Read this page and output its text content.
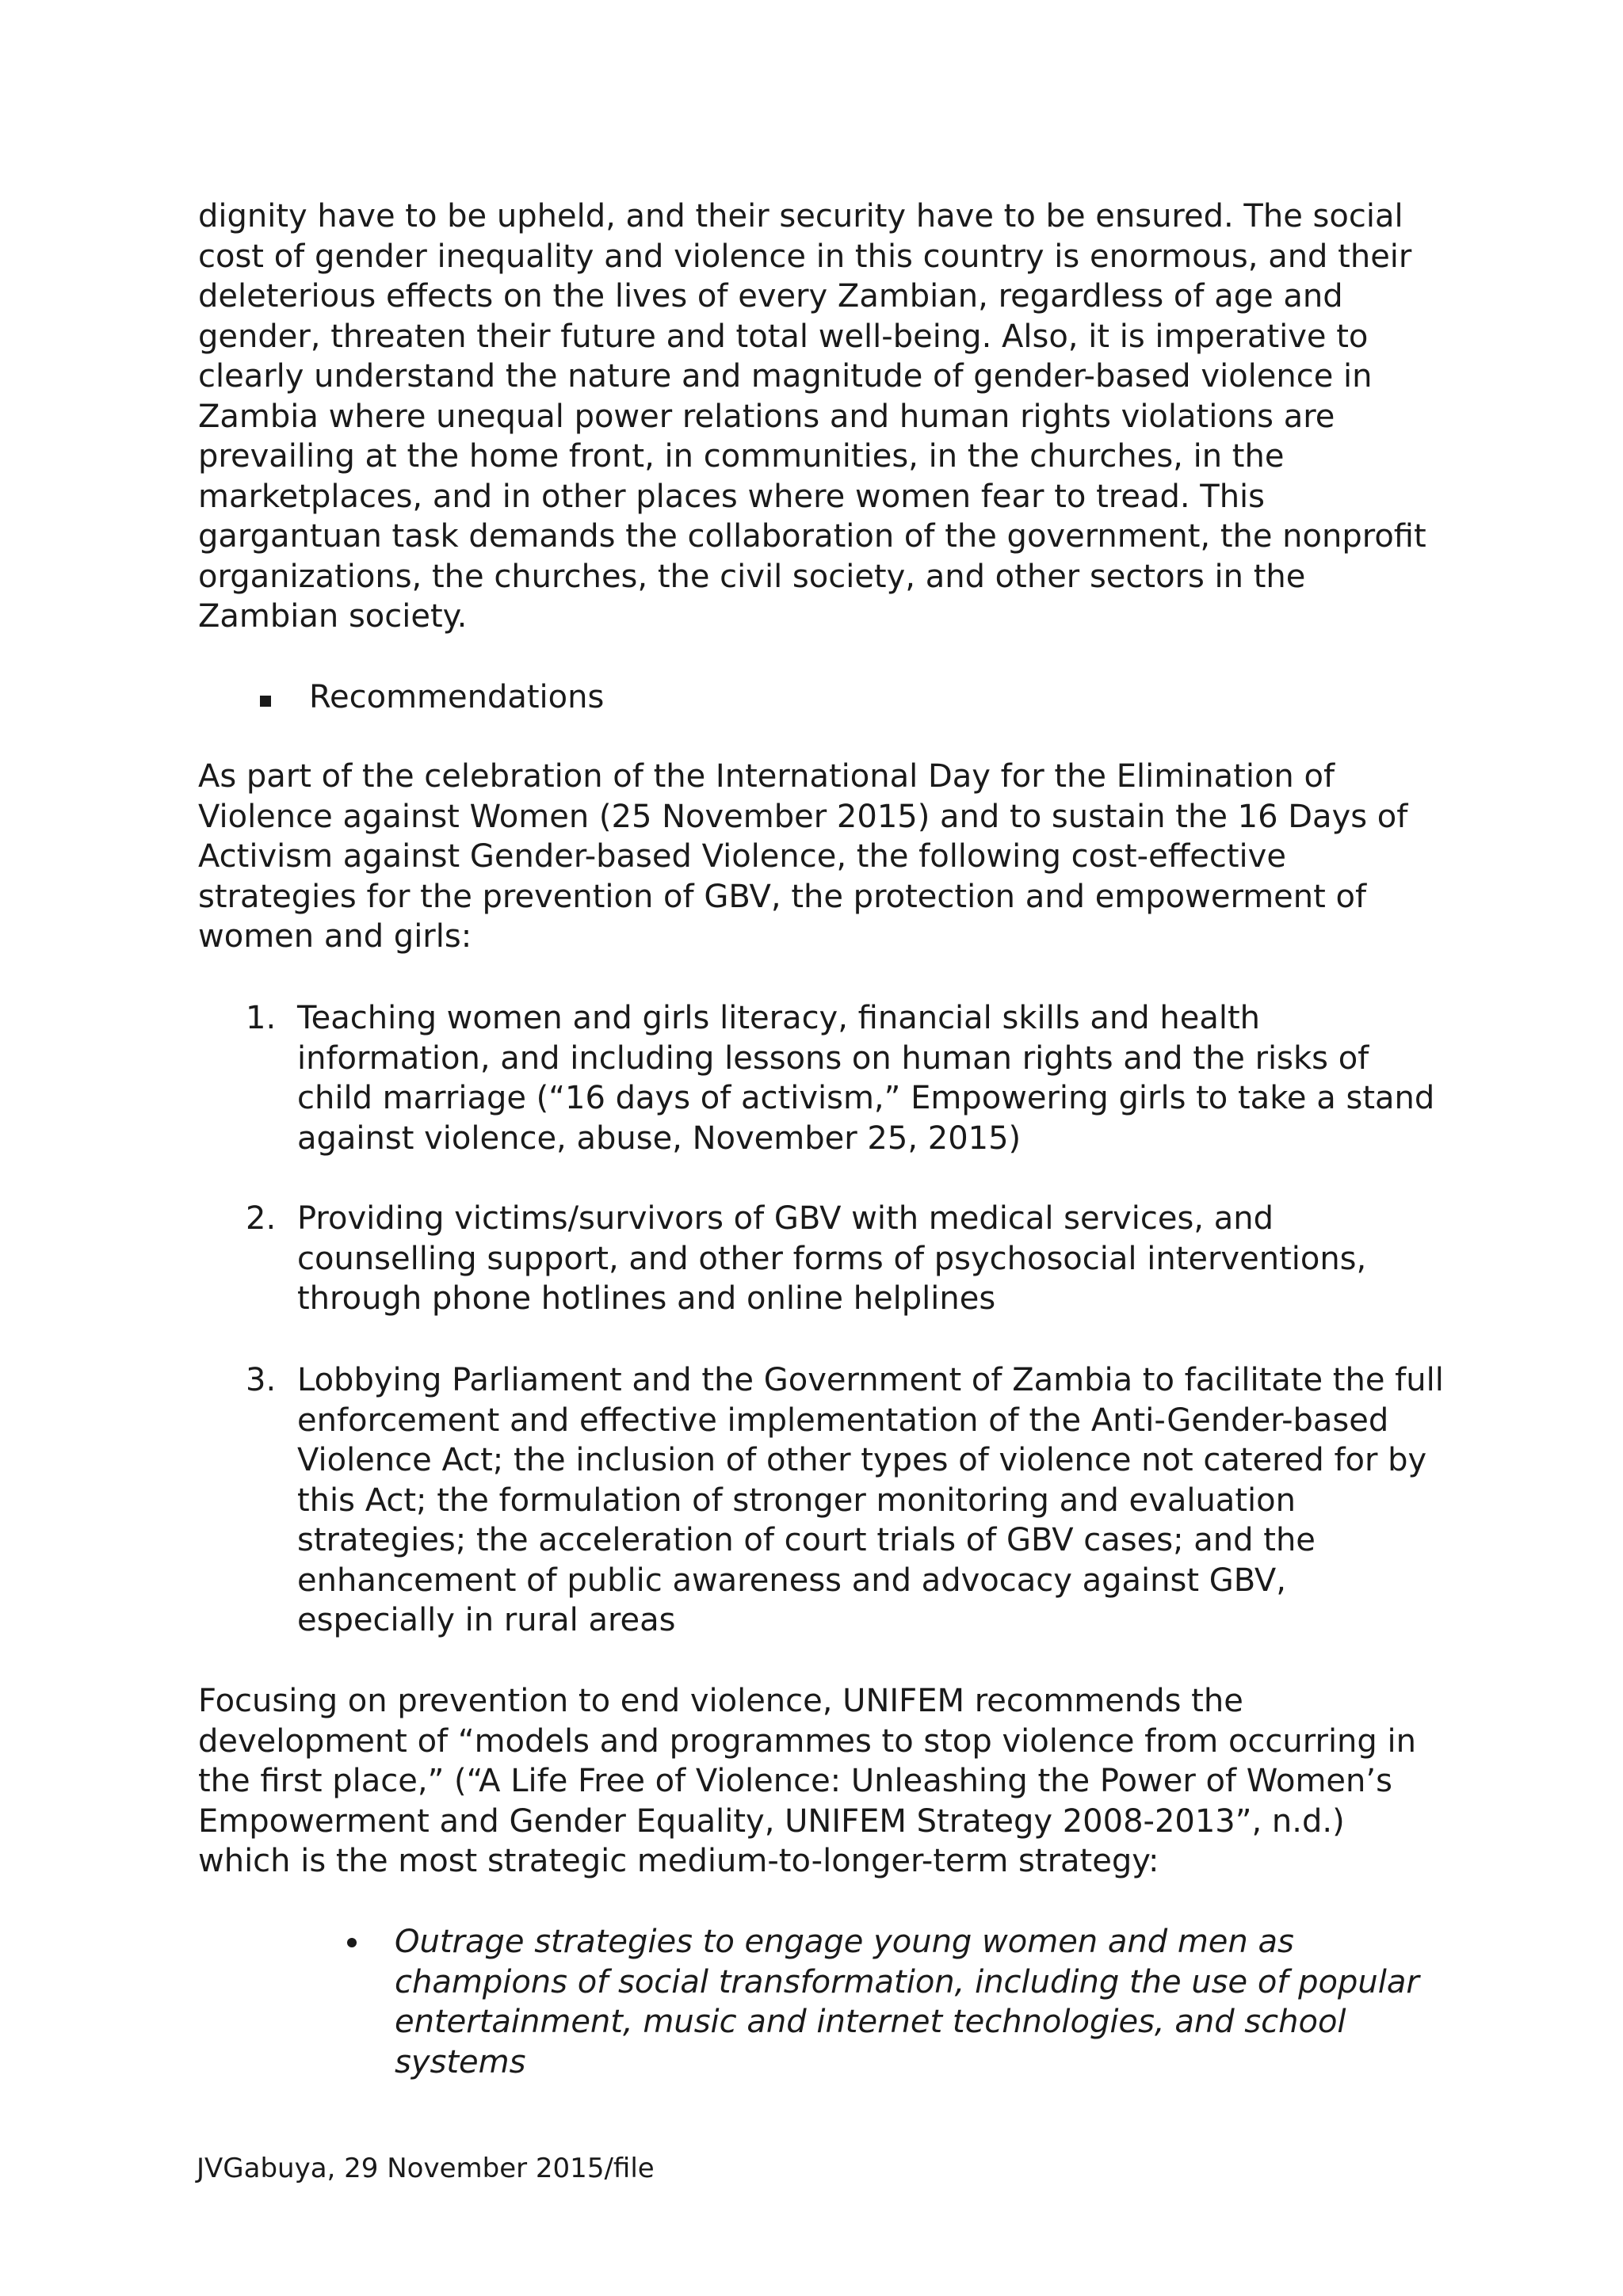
dignity have to be upheld, and their security have to be ensured. The social cost of gender inequality and violence in this country is enormous, and their deleterious effects on the lives of every Zambian, regardless of age and gender, threaten their future and total well-being. Also, it is imperative to clearly understand the nature and magnitude of gender-based violence in Zambia where unequal power relations and human rights violations are prevailing at the home front, in communities, in the churches, in the marketplaces, and in other places where women fear to tread. This gargantuan task demands the collaboration of the government, the nonprofit organizations, the churches, the civil society, and other sectors in the Zambian society.

Recommendations

As part of the celebration of the International Day for the Elimination of Violence against Women (25 November 2015) and to sustain the 16 Days of Activism against Gender-based Violence, the following cost-effective strategies for the prevention of GBV, the protection and empowerment of women and girls:

1. Teaching women and girls literacy, financial skills and health information, and including lessons on human rights and the risks of child marriage (“16 days of activism,” Empowering girls to take a stand against violence, abuse, November 25, 2015)
2. Providing victims/survivors of GBV with medical services, and counselling support, and other forms of psychosocial interventions, through phone hotlines and online helplines
3. Lobbying Parliament and the Government of Zambia to facilitate the full enforcement and effective implementation of the Anti-Gender-based Violence Act; the inclusion of other types of violence not catered for by this Act; the formulation of stronger monitoring and evaluation strategies; the acceleration of court trials of GBV cases; and the enhancement of public awareness and advocacy against GBV, especially in rural areas

Focusing on prevention to end violence, UNIFEM recommends the development of “models and programmes to stop violence from occurring in the first place,” (“A Life Free of Violence: Unleashing the Power of Women’s Empowerment and Gender Equality, UNIFEM Strategy 2008-2013”, n.d.) which is the most strategic medium-to-longer-term strategy:

Outrage strategies to engage young women and men as champions of social transformation, including the use of popular entertainment, music and internet technologies, and school systems
JVGabuya, 29 November 2015/file
